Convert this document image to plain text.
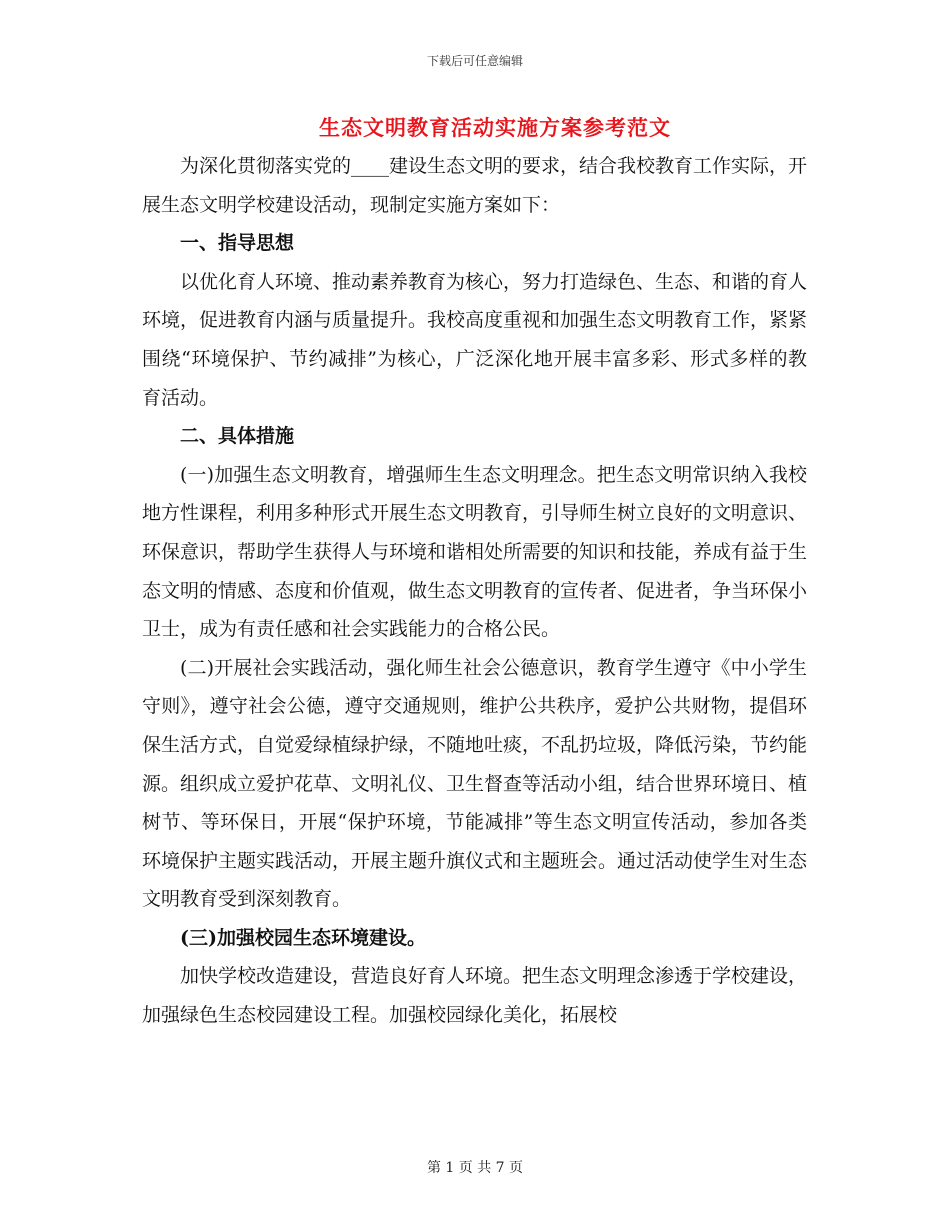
下载后可任意编辑
生态文明教育活动实施方案参考范文

为深化贯彻落实党的____建设生态文明的要求，结合我校教育工作实际，开展生态文明学校建设活动，现制定实施方案如下：

一、指导思想

以优化育人环境、推动素养教育为核心，努力打造绿色、生态、和谐的育人环境，促进教育内涵与质量提升。我校高度重视和加强生态文明教育工作，紧紧围绕“环境保护、节约减排”为核心，广泛深化地开展丰富多彩、形式多样的教育活动。

二、具体措施

(一)加强生态文明教育，增强师生生态文明理念。把生态文明常识纳入我校地方性课程，利用多种形式开展生态文明教育，引导师生树立良好的文明意识、环保意识，帮助学生获得人与环境和谐相处所需要的知识和技能，养成有益于生态文明的情感、态度和价值观，做生态文明教育的宣传者、促进者，争当环保小卫士，成为有责任感和社会实践能力的合格公民。

(二)开展社会实践活动，强化师生社会公德意识，教育学生遵守《中小学生守则》，遵守社会公德，遵守交通规则，维护公共秩序，爱护公共财物，提倡环保生活方式，自觉爱绿植绿护绿，不随地吐痰，不乱扔垃圾，降低污染，节约能源。组织成立爱护花草、文明礼仪、卫生督查等活动小组，结合世界环境日、植树节、等环保日，开展“保护环境，节能减排”等生态文明宣传活动，参加各类环境保护主题实践活动，开展主题升旗仪式和主题班会。通过活动使学生对生态文明教育受到深刻教育。

(三)加强校园生态环境建设。

加快学校改造建设，营造良好育人环境。把生态文明理念渗透于学校建设，加强绿色生态校园建设工程。加强校园绿化美化，拓展校

第 1 页 共 7 页
